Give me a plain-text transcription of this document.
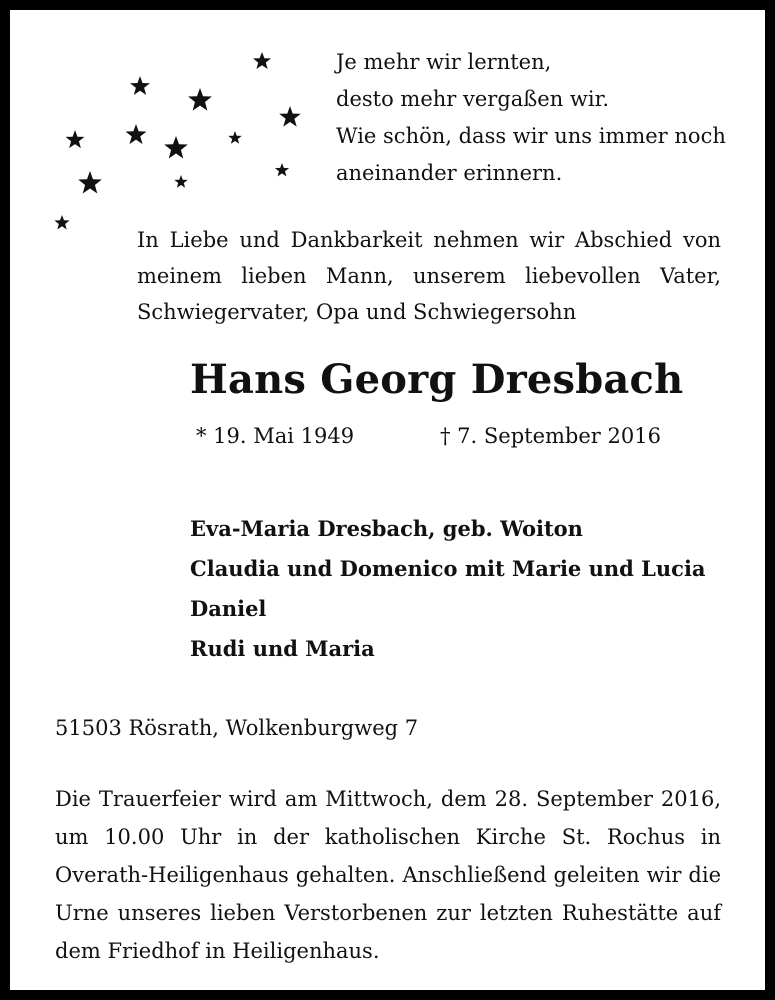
Je mehr wir lernten,
desto mehr vergaßen wir.
Wie schön, dass wir uns immer noch
aneinander erinnern.
In Liebe und Dankbarkeit nehmen wir Abschied von meinem lieben Mann, unserem liebevollen Vater, Schwiegervater, Opa und Schwiegersohn
Hans Georg Dresbach
* 19. Mai 1949	† 7. September 2016
Eva-Maria Dresbach, geb. Woiton
Claudia und Domenico mit Marie und Lucia
Daniel
Rudi und Maria
51503 Rösrath, Wolkenburgweg 7
Die Trauerfeier wird am Mittwoch, dem 28. September 2016, um 10.00 Uhr in der katholischen Kirche St. Rochus in Overath-Heiligenhaus gehalten. Anschließend geleiten wir die Urne unseres lieben Verstorbenen zur letzten Ruhestätte auf dem Friedhof in Heiligenhaus.
